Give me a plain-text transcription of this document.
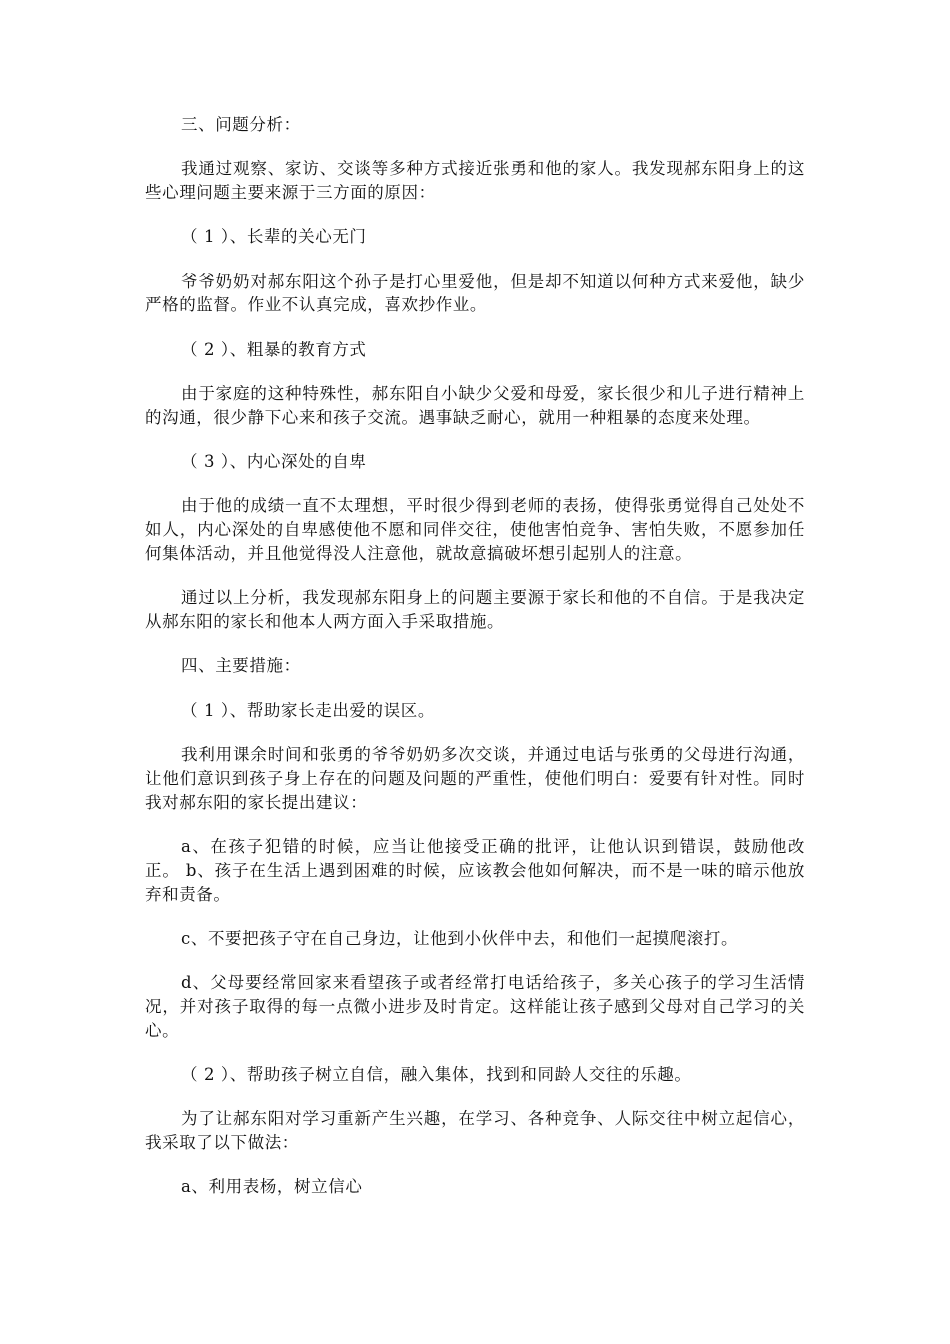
三、问题分析：

我通过观察、家访、交谈等多种方式接近张勇和他的家人。我发现郝东阳身上的这些心理问题主要来源于三方面的原因：

（ 1 ）、长辈的关心无门

爷爷奶奶对郝东阳这个孙子是打心里爱他，但是却不知道以何种方式来爱他，缺少严格的监督。作业不认真完成，喜欢抄作业。

（ 2 ）、粗暴的教育方式

由于家庭的这种特殊性，郝东阳自小缺少父爱和母爱，家长很少和儿子进行精神上的沟通，很少静下心来和孩子交流。遇事缺乏耐心，就用一种粗暴的态度来处理。

（ 3 ）、内心深处的自卑

由于他的成绩一直不太理想，平时很少得到老师的表扬，使得张勇觉得自己处处不如人，内心深处的自卑感使他不愿和同伴交往，使他害怕竞争、害怕失败，不愿参加任何集体活动，并且他觉得没人注意他，就故意搞破坏想引起别人的注意。

通过以上分析，我发现郝东阳身上的问题主要源于家长和他的不自信。于是我决定从郝东阳的家长和他本人两方面入手采取措施。

四、主要措施：

（ 1 ）、帮助家长走出爱的误区。

我利用课余时间和张勇的爷爷奶奶多次交谈，并通过电话与张勇的父母进行沟通，让他们意识到孩子身上存在的问题及问题的严重性，使他们明白：爱要有针对性。同时我对郝东阳的家长提出建议：

a、在孩子犯错的时候，应当让他接受正确的批评，让他认识到错误，鼓励他改正。 b、孩子在生活上遇到困难的时候，应该教会他如何解决，而不是一味的暗示他放弃和责备。

c、不要把孩子守在自己身边，让他到小伙伴中去，和他们一起摸爬滚打。

d、父母要经常回家来看望孩子或者经常打电话给孩子，多关心孩子的学习生活情况，并对孩子取得的每一点微小进步及时肯定。这样能让孩子感到父母对自己学习的关心。

（ 2 ）、帮助孩子树立自信，融入集体，找到和同龄人交往的乐趣。

为了让郝东阳对学习重新产生兴趣，在学习、各种竞争、人际交往中树立起信心，我采取了以下做法：

a、利用表杨，树立信心
